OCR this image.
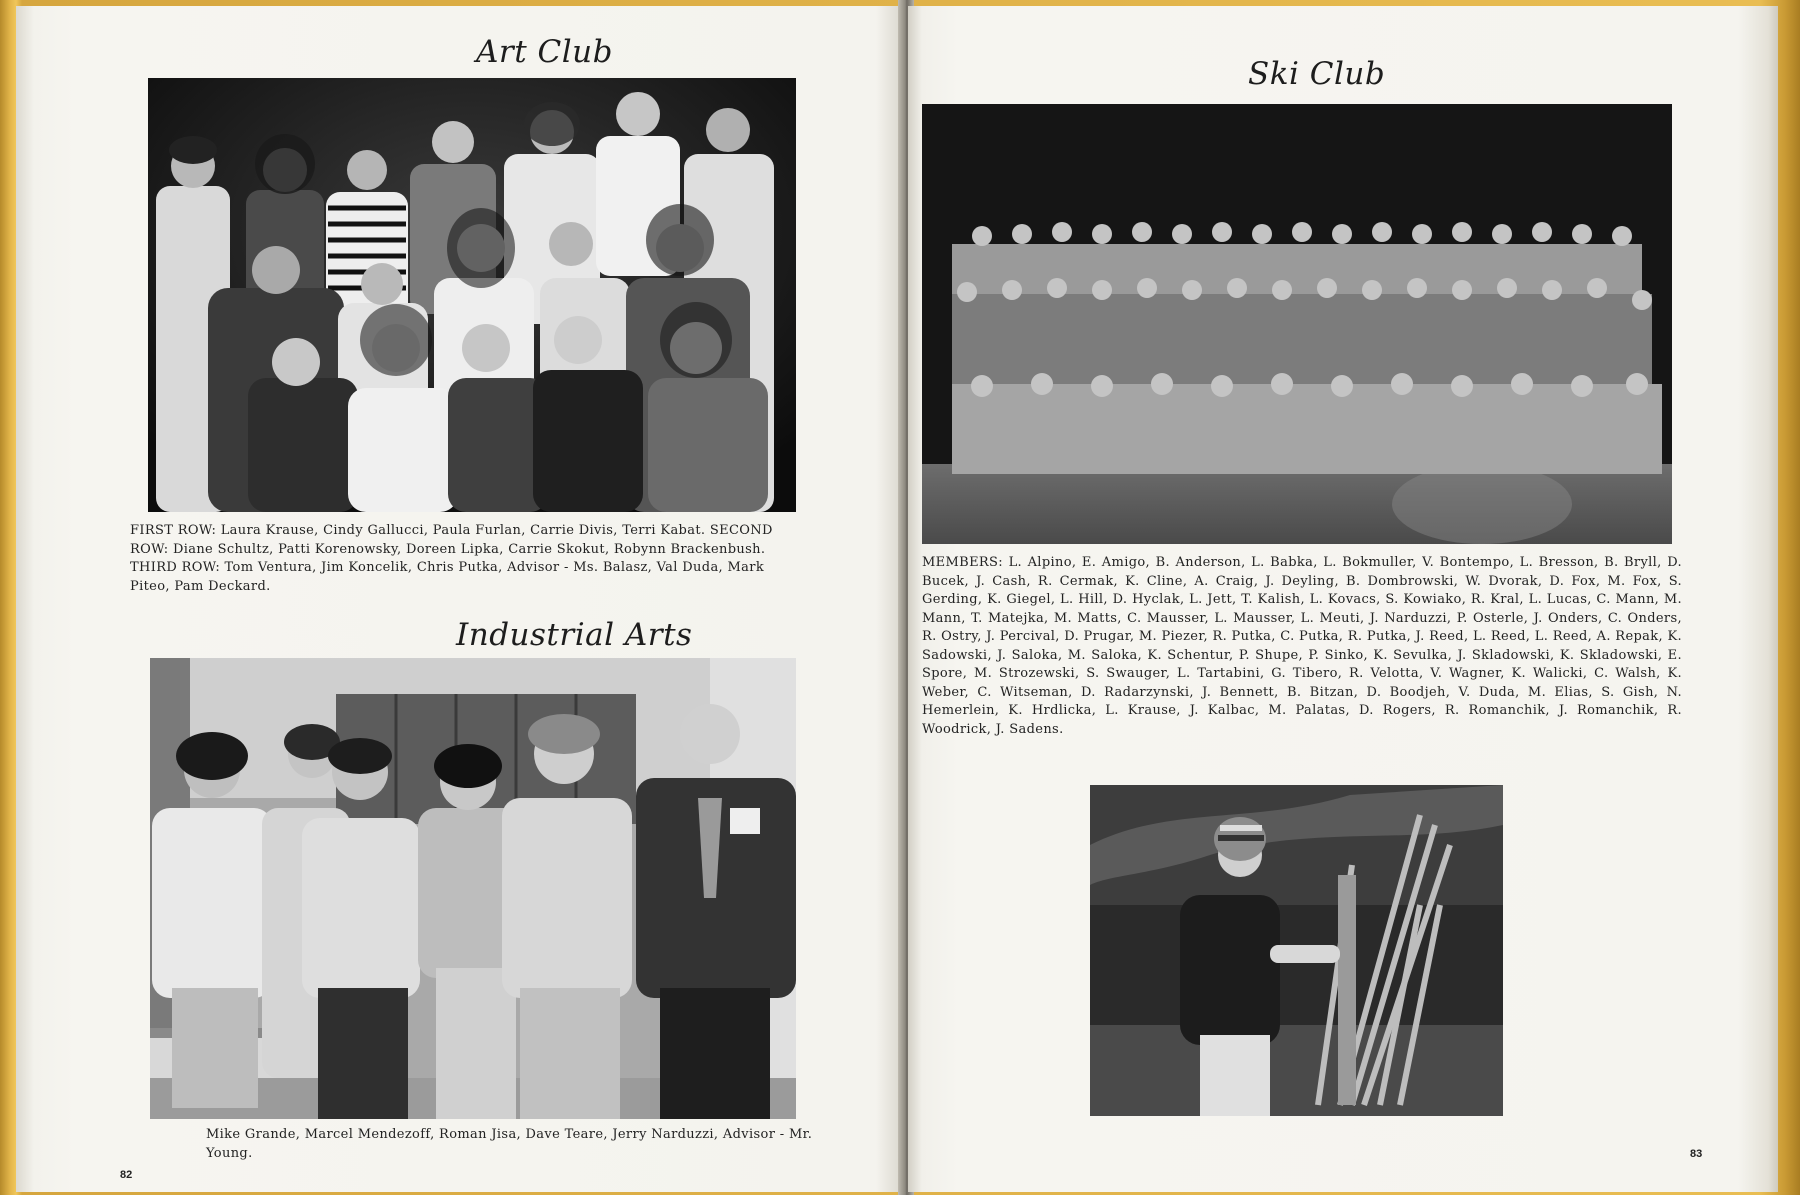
Art Club
FIRST ROW: Laura Krause, Cindy Gallucci, Paula Furlan, Carrie Divis, Terri Kabat. SECOND ROW: Diane Schultz, Patti Korenowsky, Doreen Lipka, Carrie Skokut, Robynn Brackenbush. THIRD ROW: Tom Ventura, Jim Koncelik, Chris Putka, Advisor - Ms. Balasz, Val Duda, Mark Piteo, Pam Deckard.
Industrial Arts
Mike Grande, Marcel Mendezoff, Roman Jisa, Dave Teare, Jerry Narduzzi, Advisor - Mr. Young.
82
Ski Club
MEMBERS: L. Alpino, E. Amigo, B. Anderson, L. Babka, L. Bokmuller, V. Bontempo, L. Bresson, B. Bryll, D. Bucek, J. Cash, R. Cermak, K. Cline, A. Craig, J. Deyling, B. Dombrowski, W. Dvorak, D. Fox, M. Fox, S. Gerding, K. Giegel, L. Hill, D. Hyclak, L. Jett, T. Kalish, L. Kovacs, S. Kowiako, R. Kral, L. Lucas, C. Mann, M. Mann, T. Matejka, M. Matts, C. Mausser, L. Mausser, L. Meuti, J. Narduzzi, P. Osterle, J. Onders, C. Onders, R. Ostry, J. Percival, D. Prugar, M. Piezer, R. Putka, C. Putka, R. Putka, J. Reed, L. Reed, L. Reed, A. Repak, K. Sadowski, J. Saloka, M. Saloka, K. Schentur, P. Shupe, P. Sinko, K. Sevulka, J. Skladowski, K. Skladowski, E. Spore, M. Strozewski, S. Swauger, L. Tartabini, G. Tibero, R. Velotta, V. Wagner, K. Walicki, C. Walsh, K. Weber, C. Witseman, D. Radarzynski, J. Bennett, B. Bitzan, D. Boodjeh, V. Duda, M. Elias, S. Gish, N. Hemerlein, K. Hrdlicka, L. Krause, J. Kalbac, M. Palatas, D. Rogers, R. Romanchik, J. Romanchik, R. Woodrick, J. Sadens.
83
